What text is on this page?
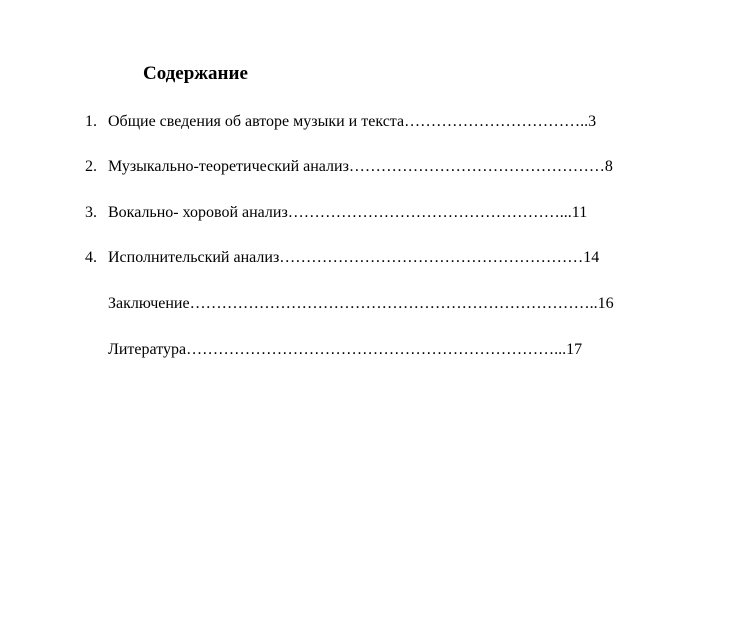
Содержание
1. Общие сведения об авторе музыки и текста……………………………..3
2. Музыкально-теоретический анализ…………………………………………8
3. Вокально- хоровой анализ……………………………………………...11
4. Исполнительский анализ…………………………………………………14
Заключение…………………………………………………………………..16
Литература……………………………………………………………...17
